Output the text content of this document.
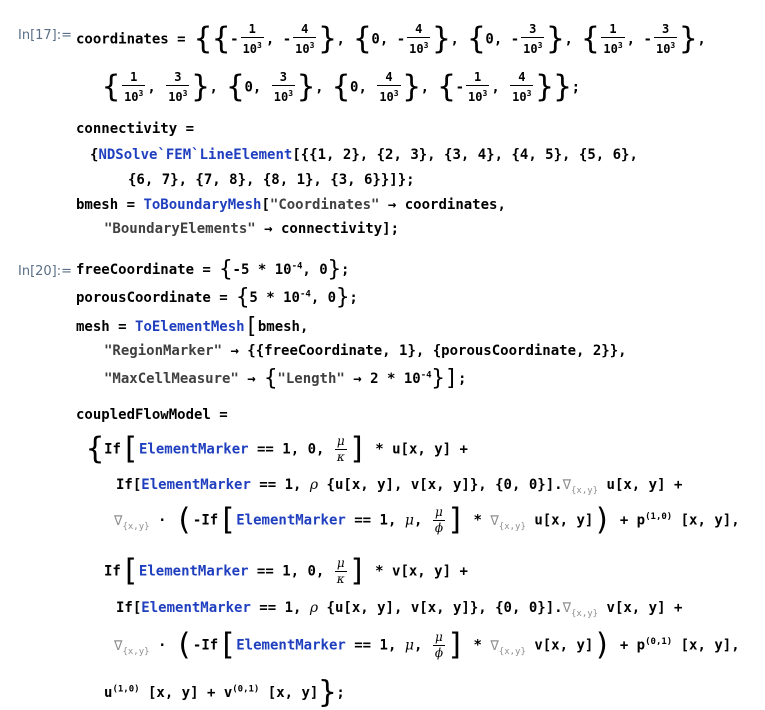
In[17]:= coordinates = {{- $\frac{1}{10^3}$ , - $\frac{4}{10^3}$ }, {0, - $\frac{4}{10^3}$ }, {0, - $\frac{3}{10^3}$ }, { $\frac{1}{10^3}$ , - $\frac{3}{10^3}$ },
{ $\frac{1}{10^3}$ , $\frac{3}{10^3}$ }, {0, $\frac{3}{10^3}$ }, {0, $\frac{4}{10^3}$ }, {- $\frac{1}{10^3}$ , $\frac{4}{10^3}$ }};
connectivity =
{NDSolve`FEM`LineElement[{{1, 2}, {2, 3}, {3, 4}, {4, 5}, {5, 6},
{6, 7}, {7, 8}, {8, 1}, {3, 6}}]};
bmesh = ToBoundaryMesh["Coordinates" → coordinates,
"BoundaryElements" → connectivity];
In[20]:= freeCoordinate = {$-5 * 10^{-4}$, 0};
porousCoordinate = {$5 * 10^{-4}$, 0};
mesh = ToElementMesh[bmesh,
"RegionMarker" → {{freeCoordinate, 1}, {porousCoordinate, 2}},
"MaxCellMeasure" → {"Length" → $2 * 10^{-4}$}];
coupledFlowModel =
{If[ElementMarker == 1, 0, $\frac{\mu}{\kappa}$ ] * u[x, y] +
If[ElementMarker == 1, ρ {u[x, y], v[x, y]}, {0, $0\}].\nabla_{\{x,y\}}$ u[x, y] +
$\nabla_{\{x,y\}}$ · (-If[ElementMarker == 1, μ, $\frac{\mu}{\phi}$ ] * $\nabla_{\{x,y\}}$ u[x, $y]) + p^{(1,0)}$ [x, y],
If[ElementMarker == 1, 0, $\frac{\mu}{\kappa}$ ] * v[x, y] +
If[ElementMarker == 1, ρ {u[x, y], v[x, y]}, {0, $0\}].\nabla_{\{x,y\}}$ v[x, y] +
$\nabla_{\{x,y\}}$ · (-If[ElementMarker == 1, μ, $\frac{\mu}{\phi}$ ] * $\nabla_{\{x,y\}}$ v[x, $y]) + p^{(0,1)}$ [x, y],
$u^{(1,0)}$ [x, $y] + v^{(0,1)}$ [x, y]};
